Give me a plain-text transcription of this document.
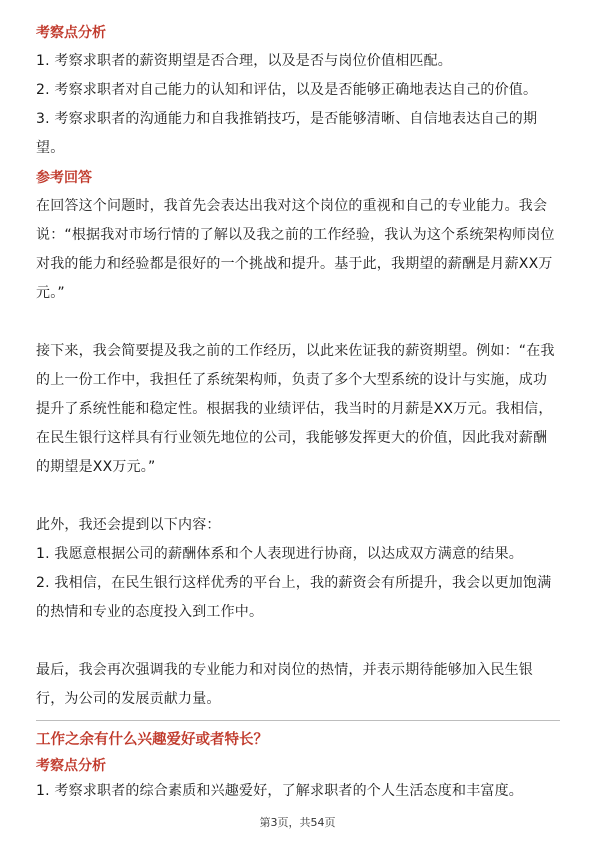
考察点分析

1. 考察求职者的薪资期望是否合理，以及是否与岗位价值相匹配。

2. 考察求职者对自己能力的认知和评估，以及是否能够正确地表达自己的价值。

3. 考察求职者的沟通能力和自我推销技巧，是否能够清晰、自信地表达自己的期望。

参考回答

在回答这个问题时，我首先会表达出我对这个岗位的重视和自己的专业能力。我会说：“根据我对市场行情的了解以及我之前的工作经验，我认为这个系统架构师岗位对我的能力和经验都是很好的一个挑战和提升。基于此，我期望的薪酬是月薪XX万元。”

接下来，我会简要提及我之前的工作经历，以此来佐证我的薪资期望。例如：“在我的上一份工作中，我担任了系统架构师，负责了多个大型系统的设计与实施，成功提升了系统性能和稳定性。根据我的业绩评估，我当时的月薪是XX万元。我相信，在民生银行这样具有行业领先地位的公司，我能够发挥更大的价值，因此我对薪酬的期望是XX万元。”

此外，我还会提到以下内容：

1. 我愿意根据公司的薪酬体系和个人表现进行协商，以达成双方满意的结果。

2. 我相信，在民生银行这样优秀的平台上，我的薪资会有所提升，我会以更加饱满的热情和专业的态度投入到工作中。

最后，我会再次强调我的专业能力和对岗位的热情，并表示期待能够加入民生银行，为公司的发展贡献力量。

工作之余有什么兴趣爱好或者特长？

考察点分析

1. 考察求职者的综合素质和兴趣爱好，了解求职者的个人生活态度和丰富度。

第3页，共54页
